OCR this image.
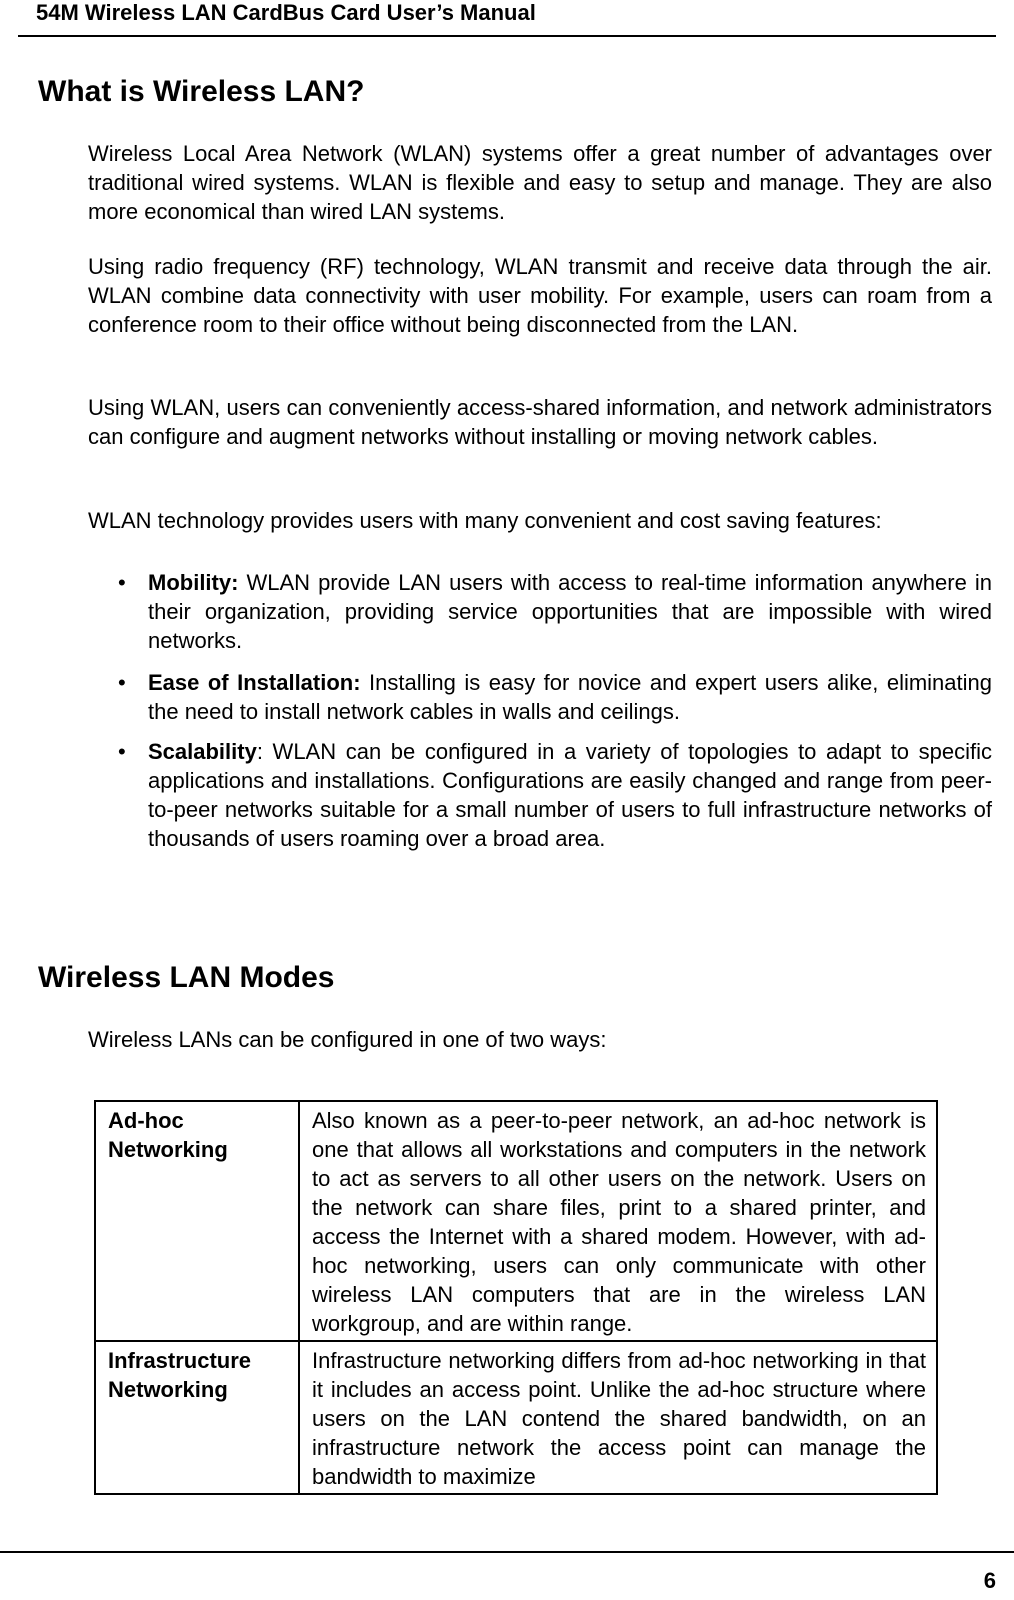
54M Wireless LAN CardBus Card User’s Manual
What is Wireless LAN?

Wireless Local Area Network (WLAN) systems offer a great number of advantages over traditional wired systems. WLAN is flexible and easy to setup and manage. They are also more economical than wired LAN systems.

Using radio frequency (RF) technology, WLAN transmit and receive data through the air. WLAN combine data connectivity with user mobility. For example, users can roam from a conference room to their office without being disconnected from the LAN.

Using WLAN, users can conveniently access-shared information, and network administrators can configure and augment networks without installing or moving network cables.

WLAN technology provides users with many convenient and cost saving features:

•	Mobility: WLAN provide LAN users with access to real-time information anywhere in their organization, providing service opportunities that are impossible with wired networks.
•	Ease of Installation: Installing is easy for novice and expert users alike, eliminating the need to install network cables in walls and ceilings.
•	Scalability: WLAN can be configured in a variety of topologies to adapt to specific applications and installations. Configurations are easily changed and range from peer-to-peer networks suitable for a small number of users to full infrastructure networks of thousands of users roaming over a broad area.
Wireless LAN Modes

Wireless LANs can be configured in one of two ways:

Ad-hoc
Networking	Also known as a peer-to-peer network, an ad-hoc network is one that allows all workstations and computers in the network to act as servers to all other users on the network. Users on the network can share files, print to a shared printer, and access the Internet with a shared modem. However, with ad-hoc networking, users can only communicate with other wireless LAN computers that are in the wireless LAN workgroup, and are within range.

Infrastructure
Networking	Infrastructure networking differs from ad-hoc networking in that it includes an access point. Unlike the ad-hoc structure where users on the LAN contend the shared bandwidth, on an infrastructure network the access point can manage the bandwidth to maximize
6
